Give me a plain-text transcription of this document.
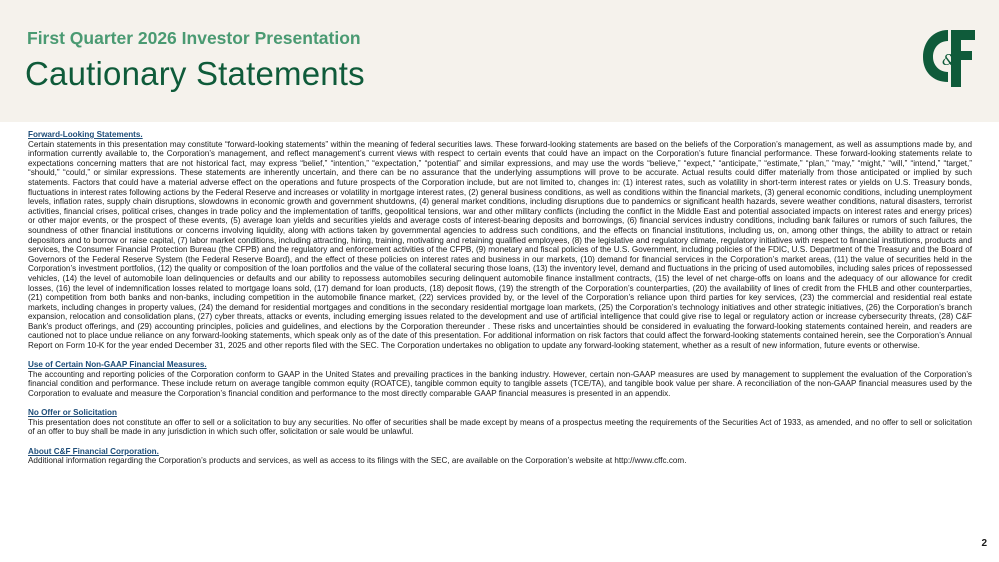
First Quarter 2026 Investor Presentation
Cautionary Statements	&
Forward-Looking Statements.
Certain statements in this presentation may constitute “forward-looking statements” within the meaning of federal securities laws. These forward-looking statements are based on the beliefs of the Corporation’s management, as well as assumptions made by, and information currently available to, the Corporation’s management, and reflect management’s current views with respect to certain events that could have an impact on the Corporation’s future financial performance. These forward-looking statements relate to expectations concerning matters that are not historical fact, may express “belief,” “intention,” “expectation,” “potential” and similar expressions, and may use the words “believe,” “expect,” “anticipate,” “estimate,” “plan,” “may,” “might,” “will,” “intend,” “target,” “should,” “could,” or similar expressions. These statements are inherently uncertain, and there can be no assurance that the underlying assumptions will prove to be accurate. Actual results could differ materially from those anticipated or implied by such statements. Factors that could have a material adverse effect on the operations and future prospects of the Corporation include, but are not limited to, changes in: (1) interest rates, such as volatility in short-term interest rates or yields on U.S. Treasury bonds, fluctuations in interest rates following actions by the Federal Reserve and increases or volatility in mortgage interest rates, (2) general business conditions, as well as conditions within the financial markets, (3) general economic conditions, including unemployment levels, inflation rates, supply chain disruptions, slowdowns in economic growth and government shutdowns, (4) general market conditions, including disruptions due to pandemics or significant health hazards, severe weather conditions, natural disasters, terrorist activities, financial crises, political crises, changes in trade policy and the implementation of tariffs, geopolitical tensions, war and other military conflicts (including the conflict in the Middle East and potential associated impacts on interest rates and energy prices) or other major events, or the prospect of these events, (5) average loan yields and securities yields and average costs of interest-bearing deposits and borrowings, (6) financial services industry conditions, including bank failures or rumors of such failures, the soundness of other financial institutions or concerns involving liquidity, along with actions taken by governmental agencies to address such conditions, and the effects on financial institutions, including us, on, among other things, the ability to attract or retain depositors and to borrow or raise capital, (7) labor market conditions, including attracting, hiring, training, motivating and retaining qualified employees, (8) the legislative and regulatory climate, regulatory initiatives with respect to financial institutions, products and services, the Consumer Financial Protection Bureau (the CFPB) and the regulatory and enforcement activities of the CFPB, (9) monetary and fiscal policies of the U.S. Government, including policies of the FDIC, U.S. Department of the Treasury and the Board of Governors of the Federal Reserve System (the Federal Reserve Board), and the effect of these policies on interest rates and business in our markets, (10) demand for financial services in the Corporation’s market areas, (11) the value of securities held in the Corporation’s investment portfolios, (12) the quality or composition of the loan portfolios and the value of the collateral securing those loans, (13) the inventory level, demand and fluctuations in the pricing of used automobiles, including sales prices of repossessed vehicles, (14) the level of automobile loan delinquencies or defaults and our ability to repossess automobiles securing delinquent automobile finance installment contracts, (15) the level of net charge-offs on loans and the adequacy of our allowance for credit losses, (16) the level of indemnification losses related to mortgage loans sold, (17) demand for loan products, (18) deposit flows, (19) the strength of the Corporation’s counterparties, (20) the availability of lines of credit from the FHLB and other counterparties, (21) competition from both banks and non-banks, including competition in the automobile finance market, (22) services provided by, or the level of the Corporation’s reliance upon third parties for key services, (23) the commercial and residential real estate markets, including changes in property values, (24) the demand for residential mortgages and conditions in the secondary residential mortgage loan markets, (25) the Corporation’s technology initiatives and other strategic initiatives, (26) the Corporation’s branch expansion, relocation and consolidation plans, (27) cyber threats, attacks or events, including emerging issues related to the development and use of artificial intelligence that could give rise to legal or regulatory action or increase cybersecurity threats, (28) C&F Bank’s product offerings, and (29) accounting principles, policies and guidelines, and elections by the Corporation thereunder . These risks and uncertainties should be considered in evaluating the forward-looking statements contained herein, and readers are cautioned not to place undue reliance on any forward-looking statements, which speak only as of the date of this presentation. For additional information on risk factors that could affect the forward-looking statements contained herein, see the Corporation’s Annual Report on Form 10-K for the year ended December 31, 2025 and other reports filed with the SEC. The Corporation undertakes no obligation to update any forward-looking statement, whether as a result of new information, future events or otherwise.
Use of Certain Non-GAAP Financial Measures.
The accounting and reporting policies of the Corporation conform to GAAP in the United States and prevailing practices in the banking industry. However, certain non-GAAP measures are used by management to supplement the evaluation of the Corporation’s financial condition and performance. These include return on average tangible common equity (ROATCE), tangible common equity to tangible assets (TCE/TA), and tangible book value per share. A reconciliation of the non-GAAP financial measures used by the Corporation to evaluate and measure the Corporation’s financial condition and performance to the most directly comparable GAAP financial measures is presented in an appendix.
No Offer or Solicitation
This presentation does not constitute an offer to sell or a solicitation to buy any securities. No offer of securities shall be made except by means of a prospectus meeting the requirements of the Securities Act of 1933, as amended, and no offer to sell or solicitation of an offer to buy shall be made in any jurisdiction in which such offer, solicitation or sale would be unlawful.
About C&F Financial Corporation.
Additional information regarding the Corporation’s products and services, as well as access to its filings with the SEC, are available on the Corporation’s website at http://www.cffc.com.
2
